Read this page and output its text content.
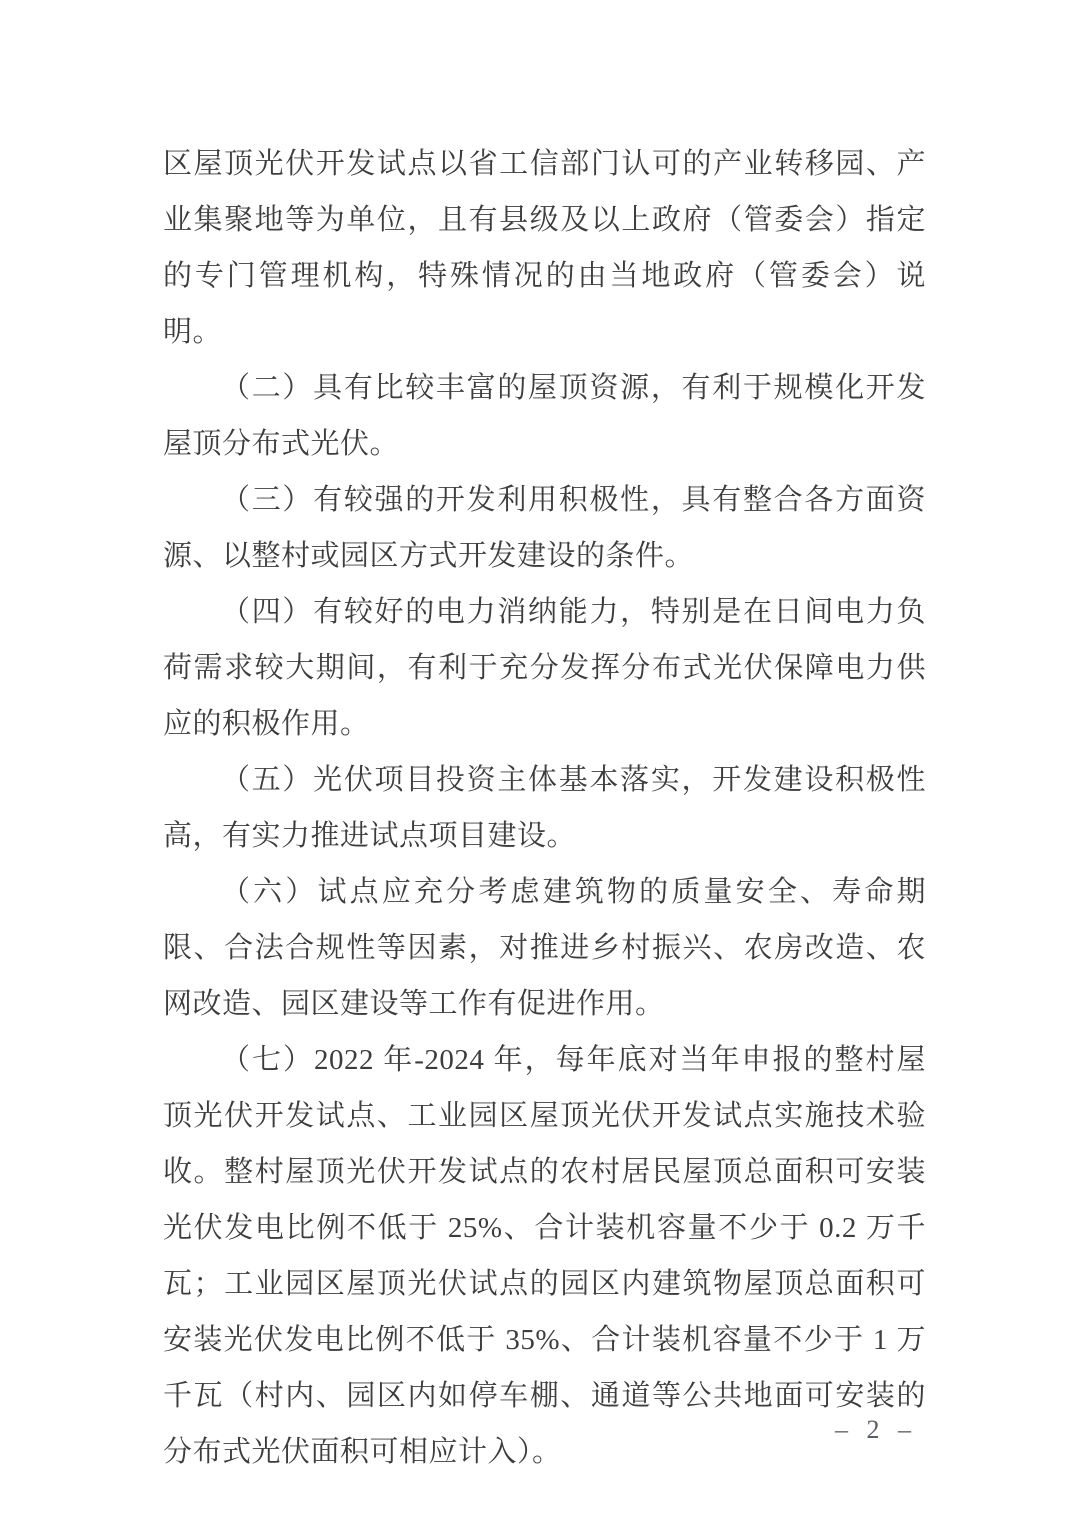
区屋顶光伏开发试点以省工信部门认可的产业转移园、产业集聚地等为单位，且有县级及以上政府（管委会）指定的专门管理机构，特殊情况的由当地政府（管委会）说明。

（二）具有比较丰富的屋顶资源，有利于规模化开发屋顶分布式光伏。

（三）有较强的开发利用积极性，具有整合各方面资源、以整村或园区方式开发建设的条件。

（四）有较好的电力消纳能力，特别是在日间电力负荷需求较大期间，有利于充分发挥分布式光伏保障电力供应的积极作用。

（五）光伏项目投资主体基本落实，开发建设积极性高，有实力推进试点项目建设。

（六）试点应充分考虑建筑物的质量安全、寿命期限、合法合规性等因素，对推进乡村振兴、农房改造、农网改造、园区建设等工作有促进作用。

（七）2022 年-2024 年，每年底对当年申报的整村屋顶光伏开发试点、工业园区屋顶光伏开发试点实施技术验收。整村屋顶光伏开发试点的农村居民屋顶总面积可安装光伏发电比例不低于 25%、合计装机容量不少于 0.2 万千瓦；工业园区屋顶光伏试点的园区内建筑物屋顶总面积可安装光伏发电比例不低于 35%、合计装机容量不少于 1 万千瓦（村内、园区内如停车棚、通道等公共地面可安装的分布式光伏面积可相应计入）。

– 2 –
